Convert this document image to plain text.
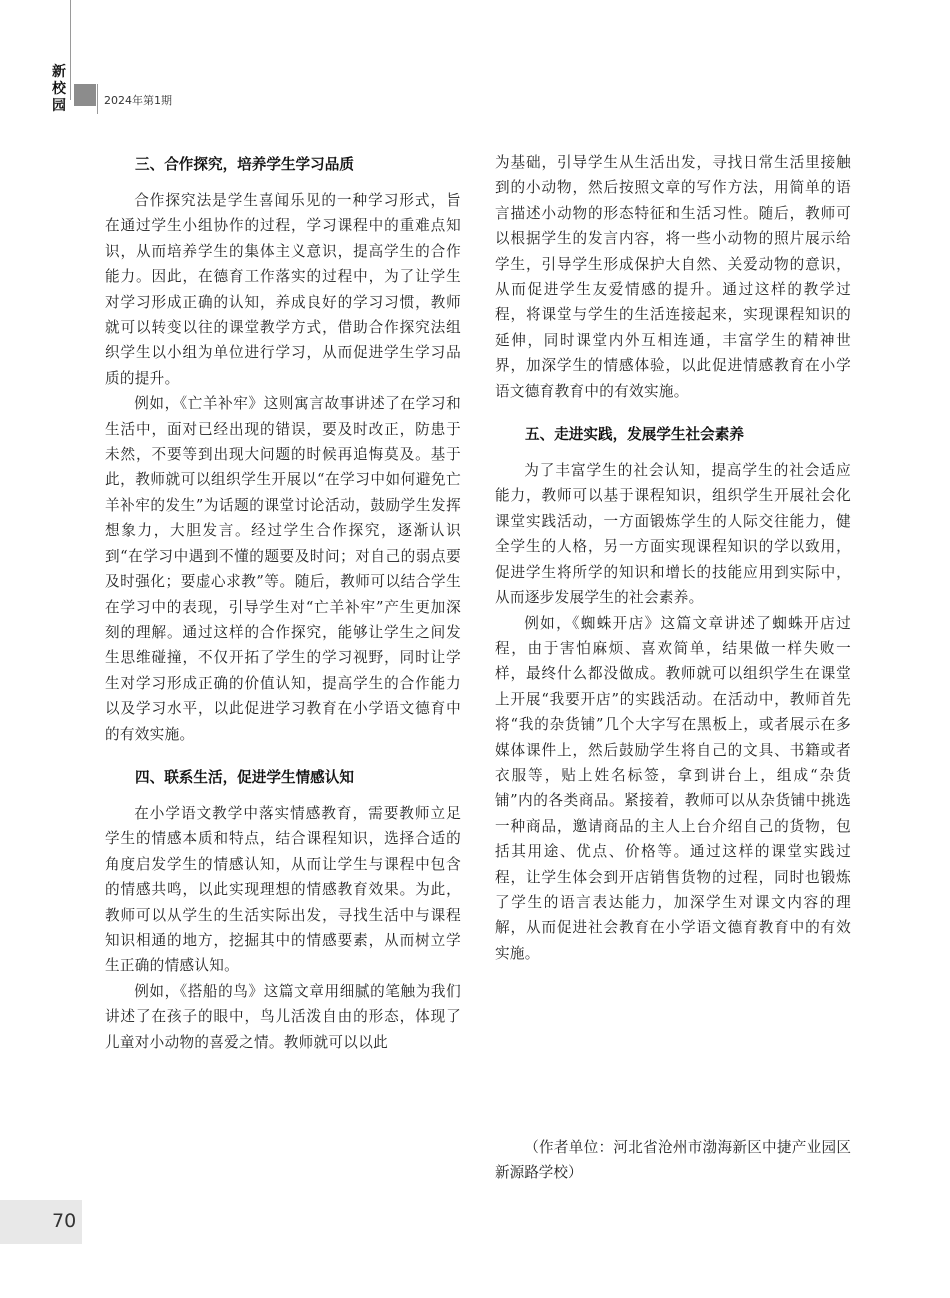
新
校
园	2024年第1期
三、合作探究，培养学生学习品质

合作探究法是学生喜闻乐见的一种学习形式，旨在通过学生小组协作的过程，学习课程中的重难点知识，从而培养学生的集体主义意识，提高学生的合作能力。因此，在德育工作落实的过程中，为了让学生对学习形成正确的认知，养成良好的学习习惯，教师就可以转变以往的课堂教学方式，借助合作探究法组织学生以小组为单位进行学习，从而促进学生学习品质的提升。

例如，《亡羊补牢》这则寓言故事讲述了在学习和生活中，面对已经出现的错误，要及时改正，防患于未然，不要等到出现大问题的时候再追悔莫及。基于此，教师就可以组织学生开展以“在学习中如何避免亡羊补牢的发生”为话题的课堂讨论活动，鼓励学生发挥想象力，大胆发言。经过学生合作探究，逐渐认识到“在学习中遇到不懂的题要及时问；对自己的弱点要及时强化；要虚心求教”等。随后，教师可以结合学生在学习中的表现，引导学生对“亡羊补牢”产生更加深刻的理解。通过这样的合作探究，能够让学生之间发生思维碰撞，不仅开拓了学生的学习视野，同时让学生对学习形成正确的价值认知，提高学生的合作能力以及学习水平，以此促进学习教育在小学语文德育中的有效实施。

四、联系生活，促进学生情感认知

在小学语文教学中落实情感教育，需要教师立足学生的情感本质和特点，结合课程知识，选择合适的角度启发学生的情感认知，从而让学生与课程中包含的情感共鸣，以此实现理想的情感教育效果。为此，教师可以从学生的生活实际出发，寻找生活中与课程知识相通的地方，挖掘其中的情感要素，从而树立学生正确的情感认知。

例如，《搭船的鸟》这篇文章用细腻的笔触为我们讲述了在孩子的眼中，鸟儿活泼自由的形态，体现了儿童对小动物的喜爱之情。教师就可以以此

为基础，引导学生从生活出发，寻找日常生活里接触到的小动物，然后按照文章的写作方法，用简单的语言描述小动物的形态特征和生活习性。随后，教师可以根据学生的发言内容，将一些小动物的照片展示给学生，引导学生形成保护大自然、关爱动物的意识，从而促进学生友爱情感的提升。通过这样的教学过程，将课堂与学生的生活连接起来，实现课程知识的延伸，同时课堂内外互相连通，丰富学生的精神世界，加深学生的情感体验，以此促进情感教育在小学语文德育教育中的有效实施。

五、走进实践，发展学生社会素养

为了丰富学生的社会认知，提高学生的社会适应能力，教师可以基于课程知识，组织学生开展社会化课堂实践活动，一方面锻炼学生的人际交往能力，健全学生的人格，另一方面实现课程知识的学以致用，促进学生将所学的知识和增长的技能应用到实际中，从而逐步发展学生的社会素养。

例如，《蜘蛛开店》这篇文章讲述了蜘蛛开店过程，由于害怕麻烦、喜欢简单，结果做一样失败一样，最终什么都没做成。教师就可以组织学生在课堂上开展“我要开店”的实践活动。在活动中，教师首先将“我的杂货铺”几个大字写在黑板上，或者展示在多媒体课件上，然后鼓励学生将自己的文具、书籍或者衣服等，贴上姓名标签，拿到讲台上，组成“杂货铺”内的各类商品。紧接着，教师可以从杂货铺中挑选一种商品，邀请商品的主人上台介绍自己的货物，包括其用途、优点、价格等。通过这样的课堂实践过程，让学生体会到开店销售货物的过程，同时也锻炼了学生的语言表达能力，加深学生对课文内容的理解，从而促进社会教育在小学语文德育教育中的有效实施。

（作者单位：河北省沧州市渤海新区中捷产业园区新源路学校）

70
